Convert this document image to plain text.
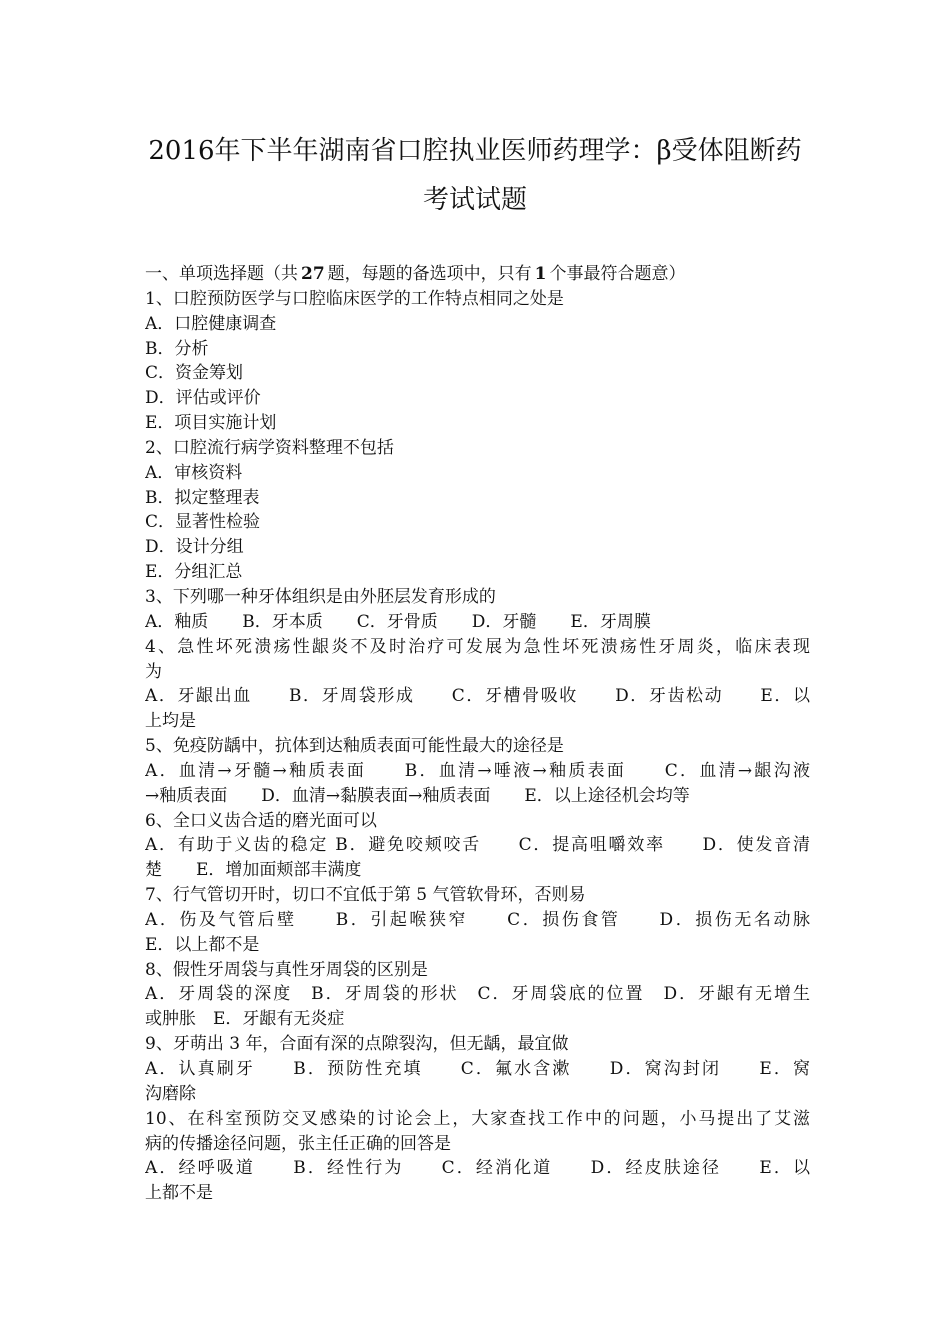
2016年下半年湖南省口腔执业医师药理学：β受体阻断药
考试试题
一、单项选择题（共 27 题，每题的备选项中，只有 1 个事最符合题意）
1、口腔预防医学与口腔临床医学的工作特点相同之处是
A．口腔健康调查
B．分析
C．资金筹划
D．评估或评价
E．项目实施计划
2、口腔流行病学资料整理不包括
A．审核资料
B．拟定整理表
C．显著性检验
D．设计分组
E．分组汇总
3、下列哪一种牙体组织是由外胚层发育形成的
A．釉质　　B．牙本质　　C．牙骨质　　D．牙髓　　E．牙周膜
4、急性坏死溃疡性龈炎不及时治疗可发展为急性坏死溃疡性牙周炎，临床表现
为
A．牙龈出血　　B．牙周袋形成　　C．牙槽骨吸收　　D．牙齿松动　　E．以
上均是
5、免疫防龋中，抗体到达釉质表面可能性最大的途径是
A．血清→牙髓→釉质表面　　B．血清→唾液→釉质表面　　C．血清→龈沟液
→釉质表面　　D．血清→黏膜表面→釉质表面　　E．以上途径机会均等
6、全口义齿合适的磨光面可以
A．有助于义齿的稳定 B．避免咬颊咬舌　　C．提高咀嚼效率　　D．使发音清
楚　　E．增加面颊部丰满度
7、行气管切开时，切口不宜低于第 5 气管软骨环，否则易
A．伤及气管后壁　　B．引起喉狭窄　　C．损伤食管　　D．损伤无名动脉
E．以上都不是
8、假性牙周袋与真性牙周袋的区别是
A．牙周袋的深度　B．牙周袋的形状　C．牙周袋底的位置　D．牙龈有无增生
或肿胀　E．牙龈有无炎症
9、牙萌出 3 年，合面有深的点隙裂沟，但无龋，最宜做
A．认真刷牙　　B．预防性充填　　C．氟水含漱　　D．窝沟封闭　　E．窝
沟磨除
10、在科室预防交叉感染的讨论会上，大家查找工作中的问题，小马提出了艾滋
病的传播途径问题，张主任正确的回答是
A．经呼吸道　　B．经性行为　　C．经消化道　　D．经皮肤途径　　E．以
上都不是
